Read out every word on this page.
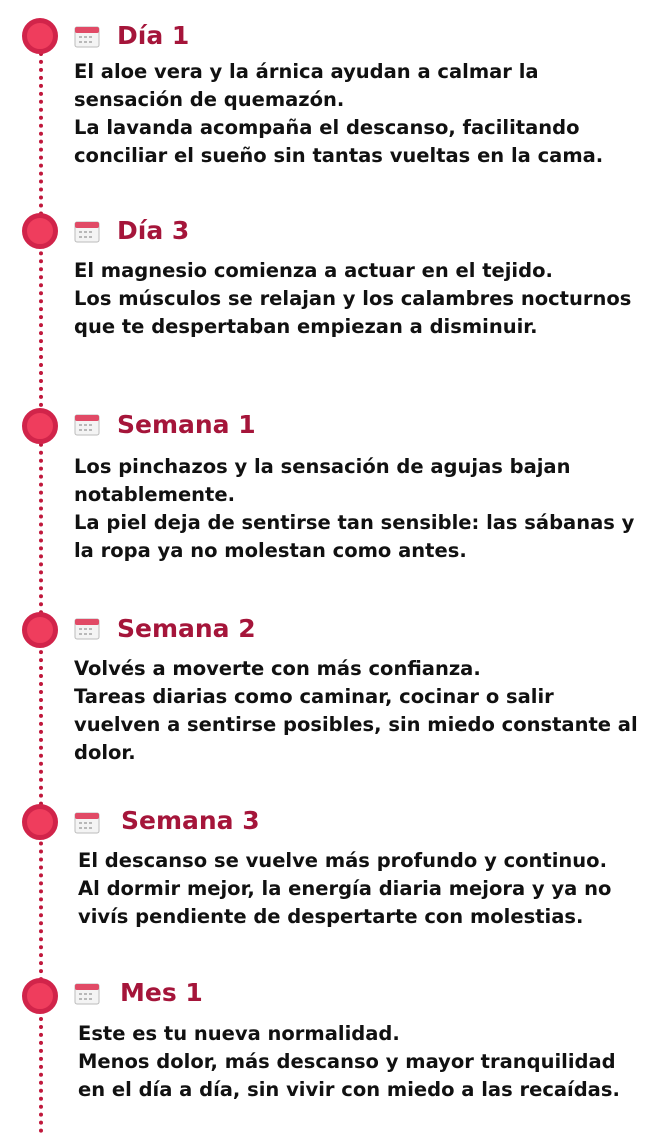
Día 1

El aloe vera y la árnica ayudan a calmar la sensación de quemazón.

La lavanda acompaña el descanso, facilitando conciliar el sueño sin tantas vueltas en la cama.

Día 3

El magnesio comienza a actuar en el tejido.

Los músculos se relajan y los calambres nocturnos que te despertaban empiezan a disminuir.

Semana 1

Los pinchazos y la sensación de agujas bajan notablemente.

La piel deja de sentirse tan sensible: las sábanas y la ropa ya no molestan como antes.

Semana 2

Volvés a moverte con más confianza.

Tareas diarias como caminar, cocinar o salir vuelven a sentirse posibles, sin miedo constante al dolor.

Semana 3

El descanso se vuelve más profundo y continuo.

Al dormir mejor, la energía diaria mejora y ya no vivís pendiente de despertarte con molestias.

Mes 1

Este es tu nueva normalidad.

Menos dolor, más descanso y mayor tranquilidad en el día a día, sin vivir con miedo a las recaídas.
